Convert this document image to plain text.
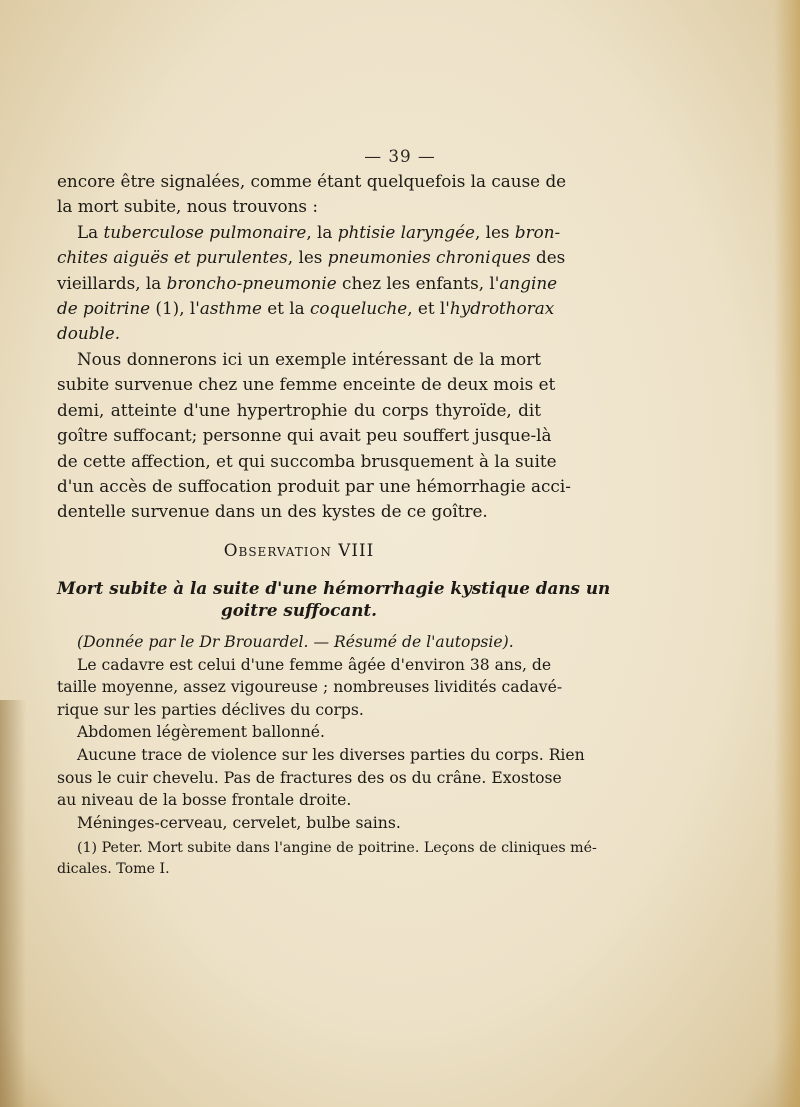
— 39 —
encore être signalées, comme étant quelquefois la cause de
la mort subite, nous trouvons :
La tuberculose pulmonaire, la phtisie laryngée, les bron-
chites aiguës et purulentes, les pneumonies chroniques des
vieillards, la broncho-pneumonie chez les enfants, l'angine
de poitrine (1), l'asthme et la coqueluche, et l'hydrothorax
double.
Nous donnerons ici un exemple intéressant de la mort
subite survenue chez une femme enceinte de deux mois et
demi, atteinte d'une hypertrophie du corps thyroïde, dit
goître suffocant; personne qui avait peu souffert jusque-là
de cette affection, et qui succomba brusquement à la suite
d'un accès de suffocation produit par une hémorrhagie acci-
dentelle survenue dans un des kystes de ce goître.
Observation VIII
Mort subite à la suite d'une hémorrhagie kystique dans un
goitre suffocant.
(Donnée par le Dr Brouardel. — Résumé de l'autopsie).
Le cadavre est celui d'une femme âgée d'environ 38 ans, de
taille moyenne, assez vigoureuse ; nombreuses lividités cadavé-
rique sur les parties déclives du corps.
Abdomen légèrement ballonné.
Aucune trace de violence sur les diverses parties du corps. Rien
sous le cuir chevelu. Pas de fractures des os du crâne. Exostose
au niveau de la bosse frontale droite.
Méninges-cerveau, cervelet, bulbe sains.
(1) Peter. Mort subite dans l'angine de poitrine. Leçons de cliniques mé-
dicales. Tome I.
